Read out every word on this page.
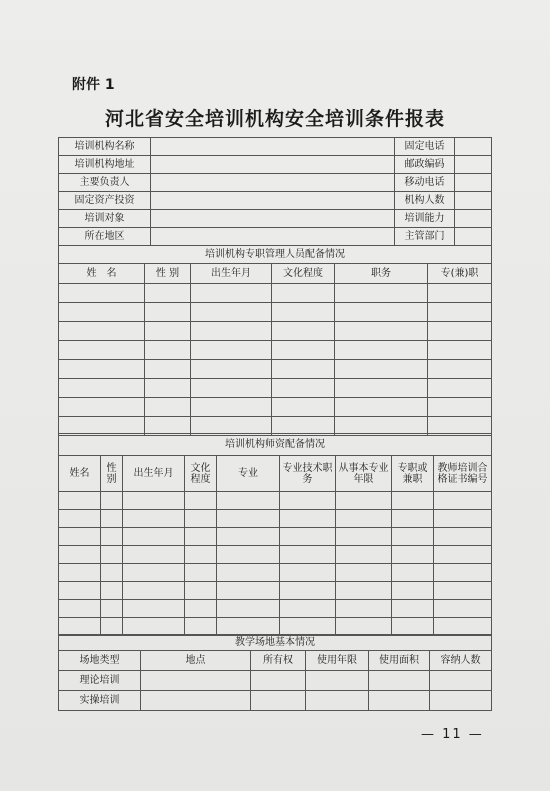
附件 1
河北省安全培训机构安全培训条件报表
培训机构名称		固定电话	
培训机构地址		邮政编码	
主要负责人		移动电话	
固定资产投资		机构人数	
培训对象		培训能力	
所在地区		主管部门	
培训机构专职管理人员配备情况					
姓　名	性 别	出生年月	文化程度	职务	专(兼)职

培训机构师资配备情况								
姓名	性别	出生年月	文化程度	专业	专业技术职务	从事本专业年限	专职或兼职	教师培训合格证书编号

教学场地基本情况					
场地类型	地点	所有权	使用年限	使用面积	容纳人数
理论培训					
实操培训					
— 11 —
